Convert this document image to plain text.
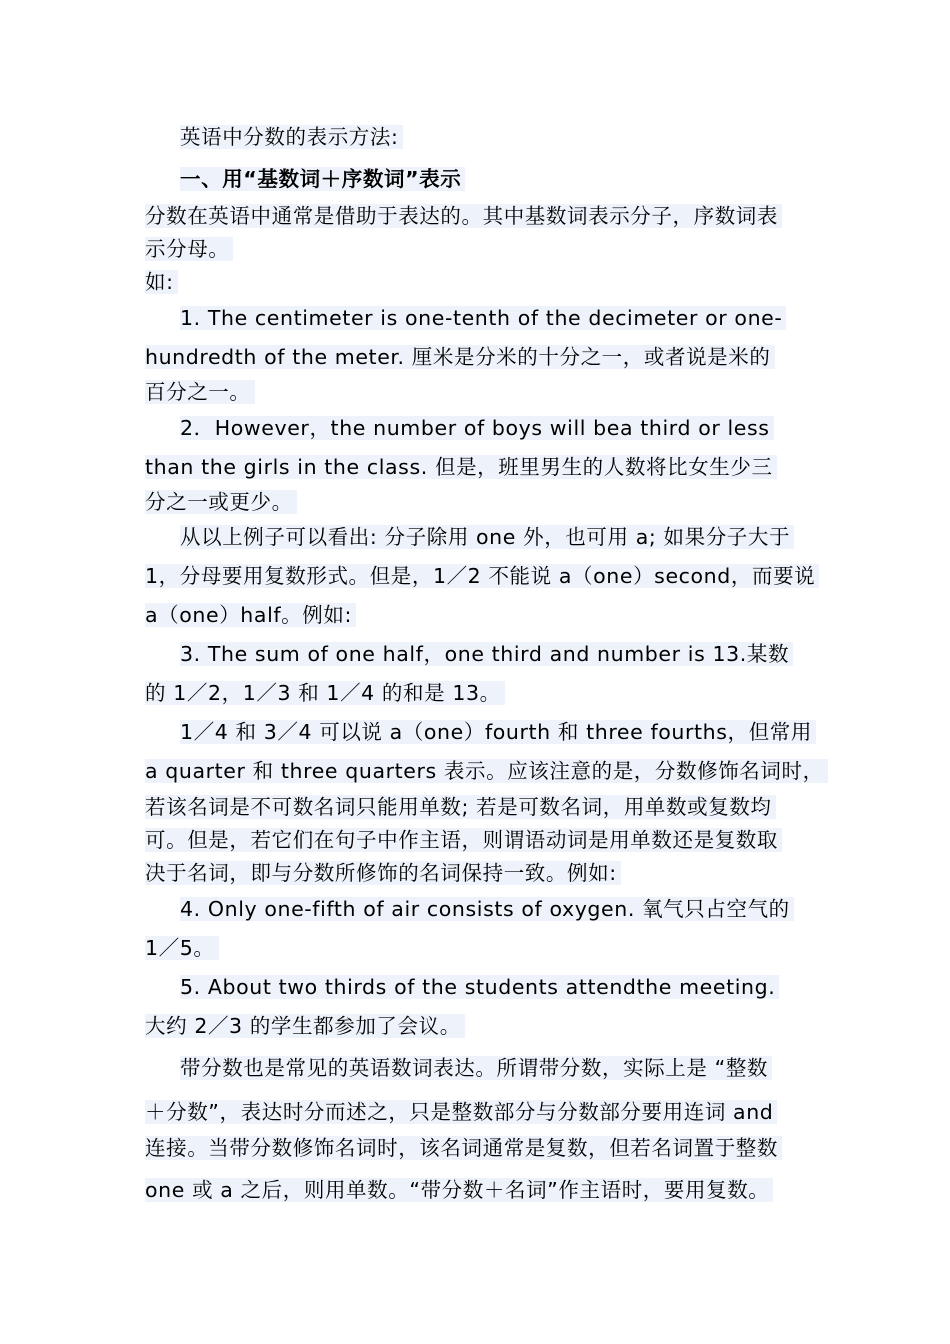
英语中分数的表示方法:
一、用“基数词＋序数词”表示
分数在英语中通常是借助于表达的。其中基数词表示分子，序数词表
示分母。
如:
1. The centimeter is one-tenth of the decimeter or one-
hundredth of the meter. 厘米是分米的十分之一，或者说是米的
百分之一。
2．However，the number of boys will bea third or less
than the girls in the class. 但是，班里男生的人数将比女生少三
分之一或更少。
从以上例子可以看出: 分子除用 one 外，也可用 a; 如果分子大于
1，分母要用复数形式。但是，1／2 不能说 a（one）second，而要说
a（one）half。例如:
3. The sum of one half，one third and number is 13.某数
的 1／2，1／3 和 1／4 的和是 13。
1／4 和 3／4 可以说 a（one）fourth 和 three fourths，但常用
a quarter 和 three quarters 表示。应该注意的是，分数修饰名词时，
若该名词是不可数名词只能用单数; 若是可数名词，用单数或复数均
可。但是，若它们在句子中作主语，则谓语动词是用单数还是复数取
决于名词，即与分数所修饰的名词保持一致。例如:
4. Only one-fifth of air consists of oxygen. 氧气只占空气的
1／5。
5. About two thirds of the students attendthe meeting.
大约 2／3 的学生都参加了会议。
带分数也是常见的英语数词表达。所谓带分数，实际上是 “整数
＋分数”，表达时分而述之，只是整数部分与分数部分要用连词 and
连接。当带分数修饰名词时，该名词通常是复数，但若名词置于整数
one 或 a 之后，则用单数。“带分数＋名词”作主语时，要用复数。
